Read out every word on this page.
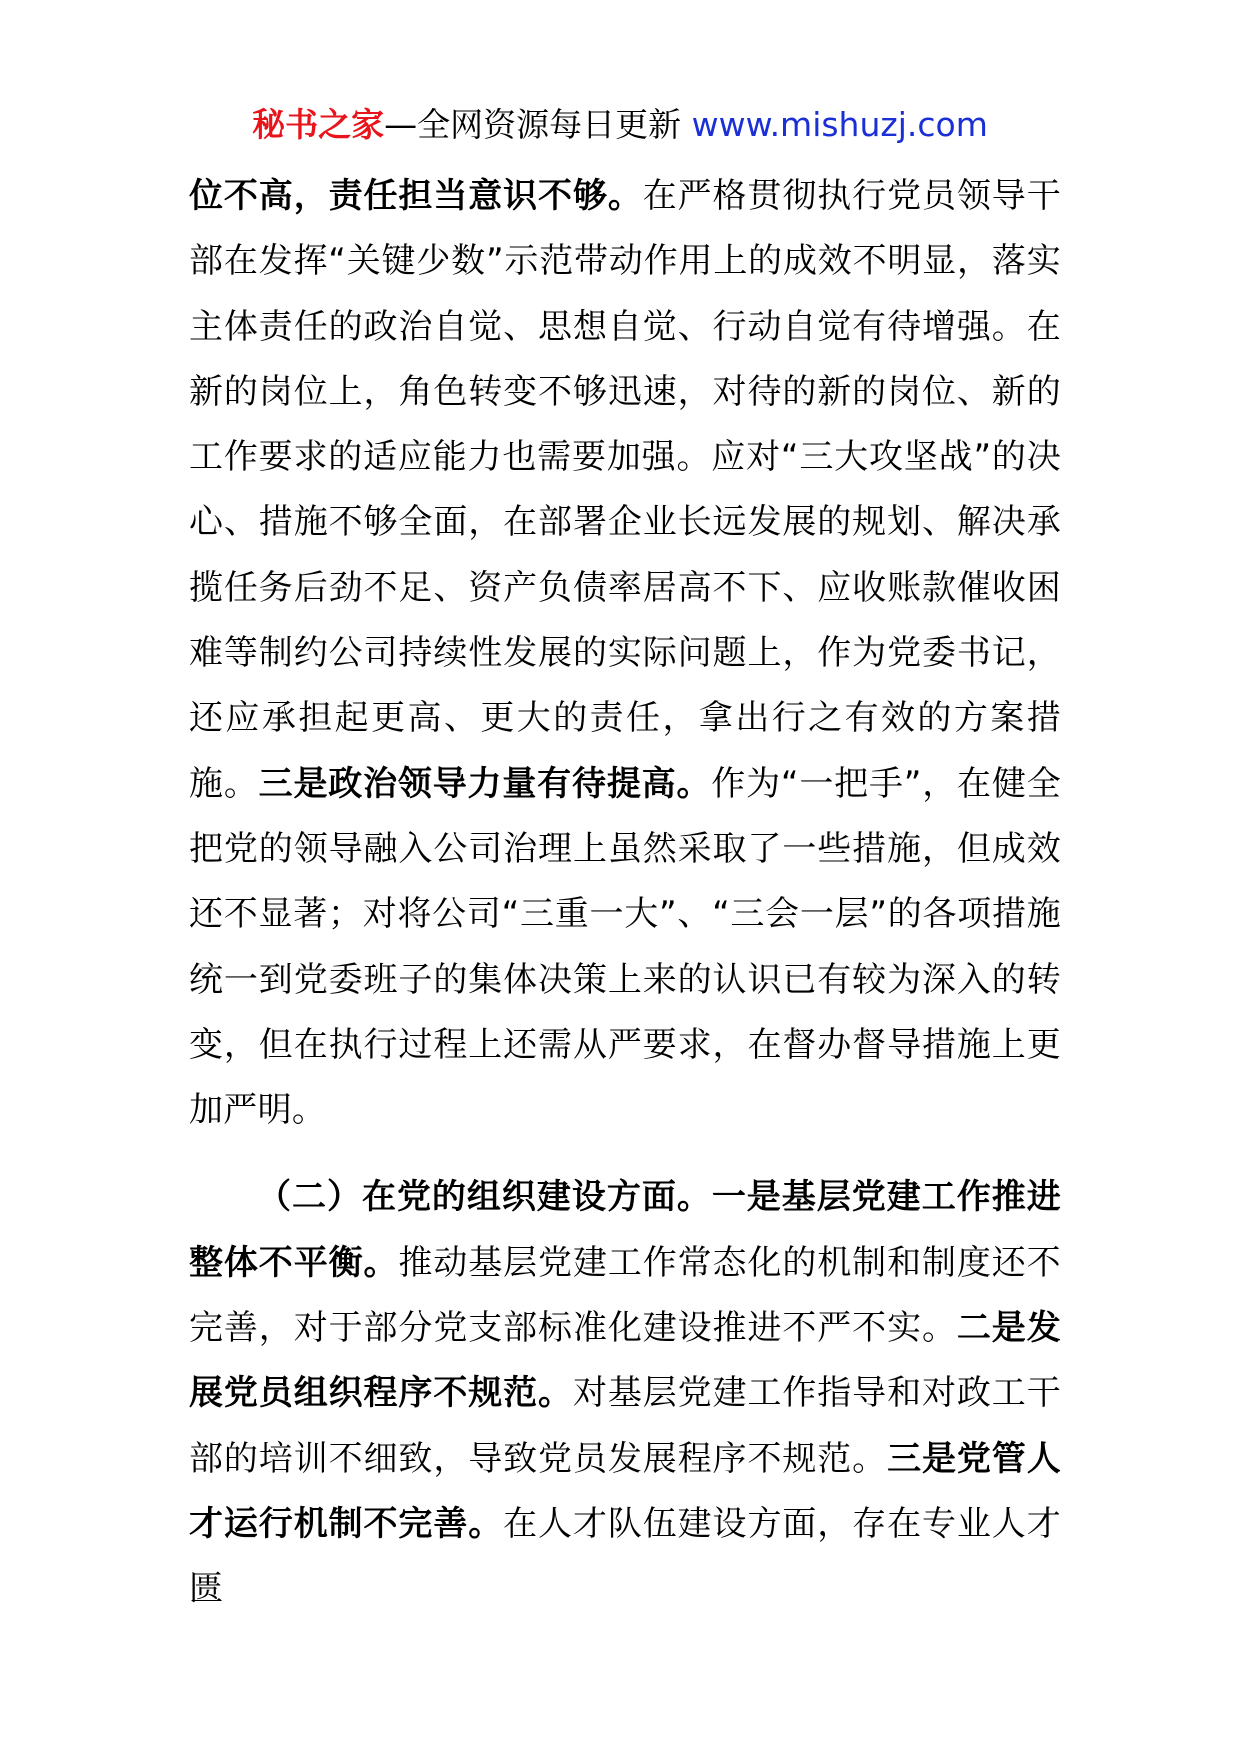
秘书之家—全网资源每日更新 www.mishuzj.com

位不高，责任担当意识不够。在严格贯彻执行党员领导干部在发挥“关键少数”示范带动作用上的成效不明显，落实主体责任的政治自觉、思想自觉、行动自觉有待增强。在新的岗位上，角色转变不够迅速，对待的新的岗位、新的工作要求的适应能力也需要加强。应对“三大攻坚战”的决心、措施不够全面，在部署企业长远发展的规划、解决承揽任务后劲不足、资产负债率居高不下、应收账款催收困难等制约公司持续性发展的实际问题上，作为党委书记，还应承担起更高、更大的责任，拿出行之有效的方案措施。三是政治领导力量有待提高。作为“一把手”，在健全把党的领导融入公司治理上虽然采取了一些措施，但成效还不显著；对将公司“三重一大”、“三会一层”的各项措施统一到党委班子的集体决策上来的认识已有较为深入的转变，但在执行过程上还需从严要求，在督办督导措施上更加严明。

（二）在党的组织建设方面。一是基层党建工作推进整体不平衡。推动基层党建工作常态化的机制和制度还不完善，对于部分党支部标准化建设推进不严不实。二是发展党员组织程序不规范。对基层党建工作指导和对政工干部的培训不细致，导致党员发展程序不规范。三是党管人才运行机制不完善。在人才队伍建设方面，存在专业人才匮
